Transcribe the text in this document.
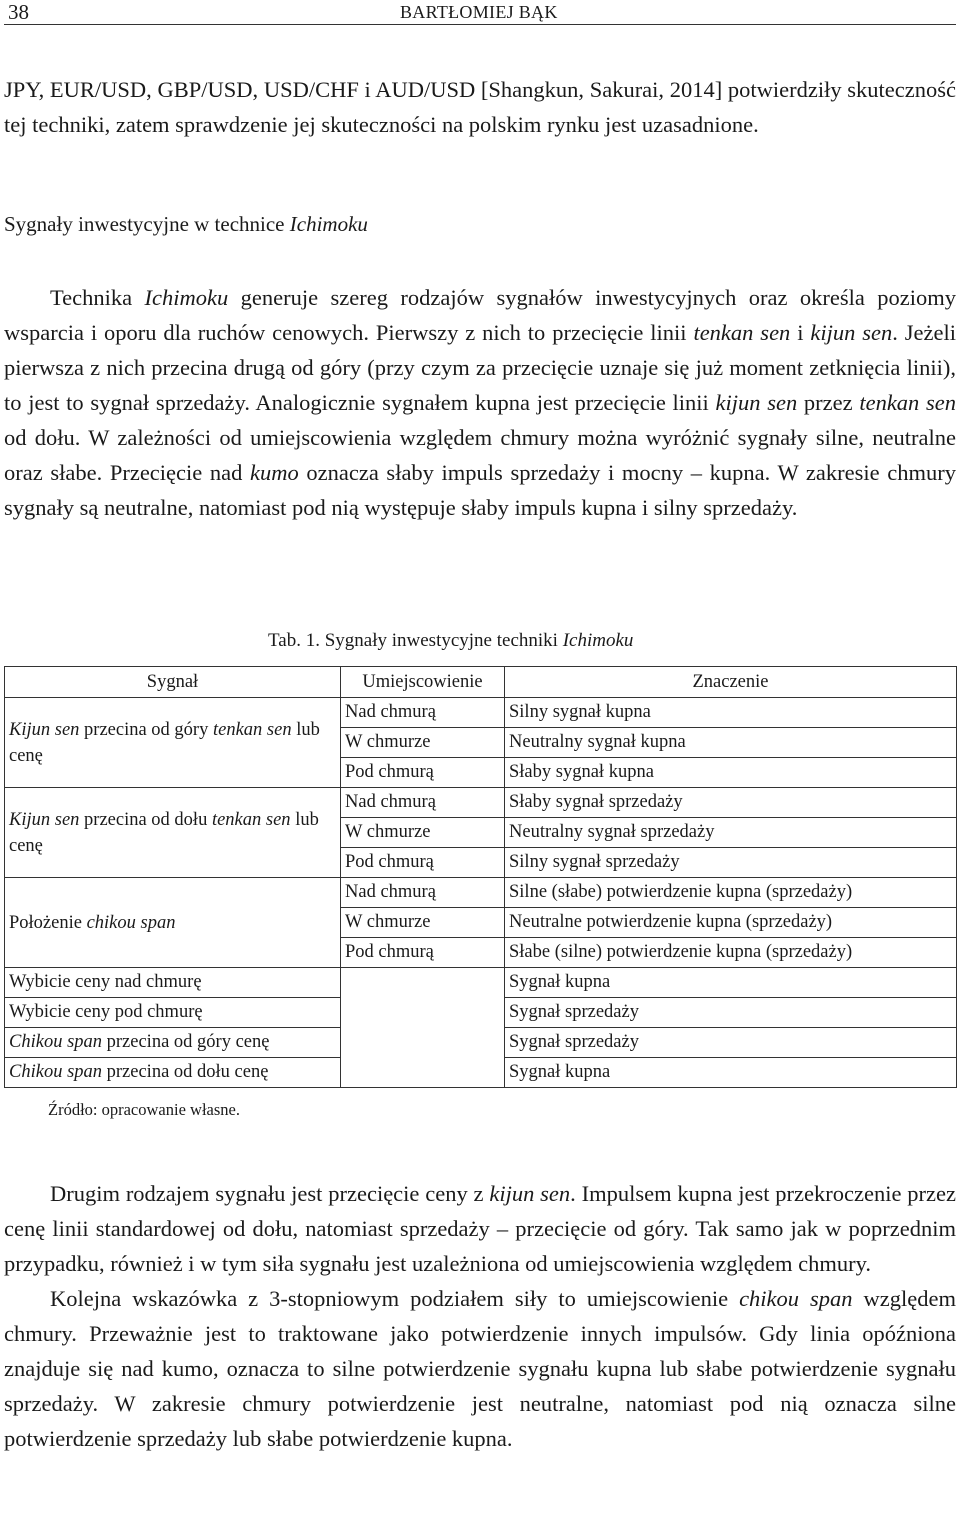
38	BARTŁOMIEJ BĄK

JPY, EUR/USD, GBP/USD, USD/CHF i AUD/USD [Shangkun, Sakurai, 2014] potwierdziły skuteczność tej techniki, zatem sprawdzenie jej skuteczności na polskim rynku jest uzasadnione.

Sygnały inwestycyjne w technice Ichimoku

Technika Ichimoku generuje szereg rodzajów sygnałów inwestycyjnych oraz określa poziomy wsparcia i oporu dla ruchów cenowych. Pierwszy z nich to przecięcie linii tenkan sen i kijun sen. Jeżeli pierwsza z nich przecina drugą od góry (przy czym za przecięcie uznaje się już moment zetknięcia linii), to jest to sygnał sprzedaży. Analogicznie sygnałem kupna jest przecięcie linii kijun sen przez tenkan sen od dołu. W zależności od umiejscowienia względem chmury można wyróżnić sygnały silne, neutralne oraz słabe. Przecięcie nad kumo oznacza słaby impuls sprzedaży i mocny – kupna. W zakresie chmury sygnały są neutralne, natomiast pod nią występuje słaby impuls kupna i silny sprzedaży.

Tab. 1. Sygnały inwestycyjne techniki Ichimoku
Sygnał	Umiejscowienie	Znaczenie
Kijun sen przecina od góry tenkan sen lub cenę	Nad chmurą	Silny sygnał kupna
	W chmurze	Neutralny sygnał kupna
	Pod chmurą	Słaby sygnał kupna
Kijun sen przecina od dołu tenkan sen lub cenę	Nad chmurą	Słaby sygnał sprzedaży
	W chmurze	Neutralny sygnał sprzedaży
	Pod chmurą	Silny sygnał sprzedaży
Położenie chikou span	Nad chmurą	Silne (słabe) potwierdzenie kupna (sprzedaży)
	W chmurze	Neutralne potwierdzenie kupna (sprzedaży)
	Pod chmurą	Słabe (silne) potwierdzenie kupna (sprzedaży)
Wybicie ceny nad chmurę		Sygnał kupna
Wybicie ceny pod chmurę		Sygnał sprzedaży
Chikou span przecina od góry cenę		Sygnał sprzedaży
Chikou span przecina od dołu cenę		Sygnał kupna
Źródło: opracowanie własne.

Drugim rodzajem sygnału jest przecięcie ceny z kijun sen. Impulsem kupna jest przekroczenie przez cenę linii standardowej od dołu, natomiast sprzedaży – przecięcie od góry. Tak samo jak w poprzednim przypadku, również i w tym siła sygnału jest uzależniona od umiejscowienia względem chmury.

Kolejna wskazówka z 3-stopniowym podziałem siły to umiejscowienie chikou span względem chmury. Przeważnie jest to traktowane jako potwierdzenie innych impulsów. Gdy linia opóźniona znajduje się nad kumo, oznacza to silne potwierdzenie sygnału kupna lub słabe potwierdzenie sygnału sprzedaży. W zakresie chmury potwierdzenie jest neutralne, natomiast pod nią oznacza silne potwierdzenie sprzedaży lub słabe potwierdzenie kupna.
